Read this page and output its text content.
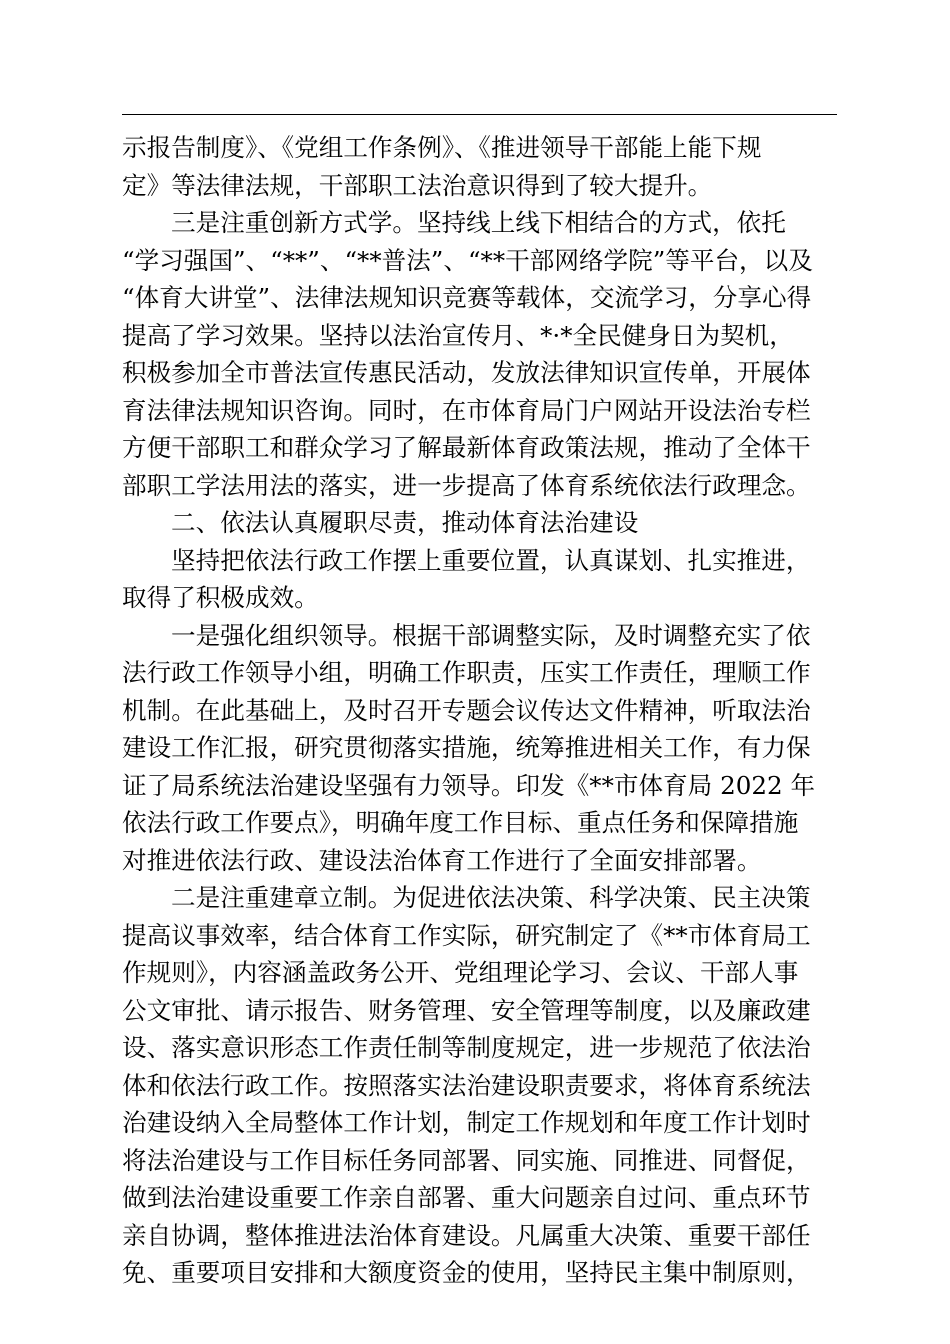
示报告制度》、《党组工作条例》、《推进领导干部能上能下规
定》等法律法规，干部职工法治意识得到了较大提升。
三是注重创新方式学。坚持线上线下相结合的方式，依托
“学习强国”、“**”、“**普法”、“**干部网络学院”等平台，以及
“体育大讲堂”、法律法规知识竞赛等载体，交流学习，分享心得
提高了学习效果。坚持以法治宣传月、*·*全民健身日为契机，
积极参加全市普法宣传惠民活动，发放法律知识宣传单，开展体
育法律法规知识咨询。同时，在市体育局门户网站开设法治专栏
方便干部职工和群众学习了解最新体育政策法规，推动了全体干
部职工学法用法的落实，进一步提高了体育系统依法行政理念。
二、依法认真履职尽责，推动体育法治建设
坚持把依法行政工作摆上重要位置，认真谋划、扎实推进，
取得了积极成效。
一是强化组织领导。根据干部调整实际，及时调整充实了依
法行政工作领导小组，明确工作职责，压实工作责任，理顺工作
机制。在此基础上，及时召开专题会议传达文件精神，听取法治
建设工作汇报，研究贯彻落实措施，统筹推进相关工作，有力保
证了局系统法治建设坚强有力领导。印发《**市体育局 2022 年
依法行政工作要点》，明确年度工作目标、重点任务和保障措施
对推进依法行政、建设法治体育工作进行了全面安排部署。
二是注重建章立制。为促进依法决策、科学决策、民主决策
提高议事效率，结合体育工作实际，研究制定了《**市体育局工
作规则》，内容涵盖政务公开、党组理论学习、会议、干部人事
公文审批、请示报告、财务管理、安全管理等制度，以及廉政建
设、落实意识形态工作责任制等制度规定，进一步规范了依法治
体和依法行政工作。按照落实法治建设职责要求，将体育系统法
治建设纳入全局整体工作计划，制定工作规划和年度工作计划时
将法治建设与工作目标任务同部署、同实施、同推进、同督促，
做到法治建设重要工作亲自部署、重大问题亲自过问、重点环节
亲自协调，整体推进法治体育建设。凡属重大决策、重要干部任
免、重要项目安排和大额度资金的使用，坚持民主集中制原则，
